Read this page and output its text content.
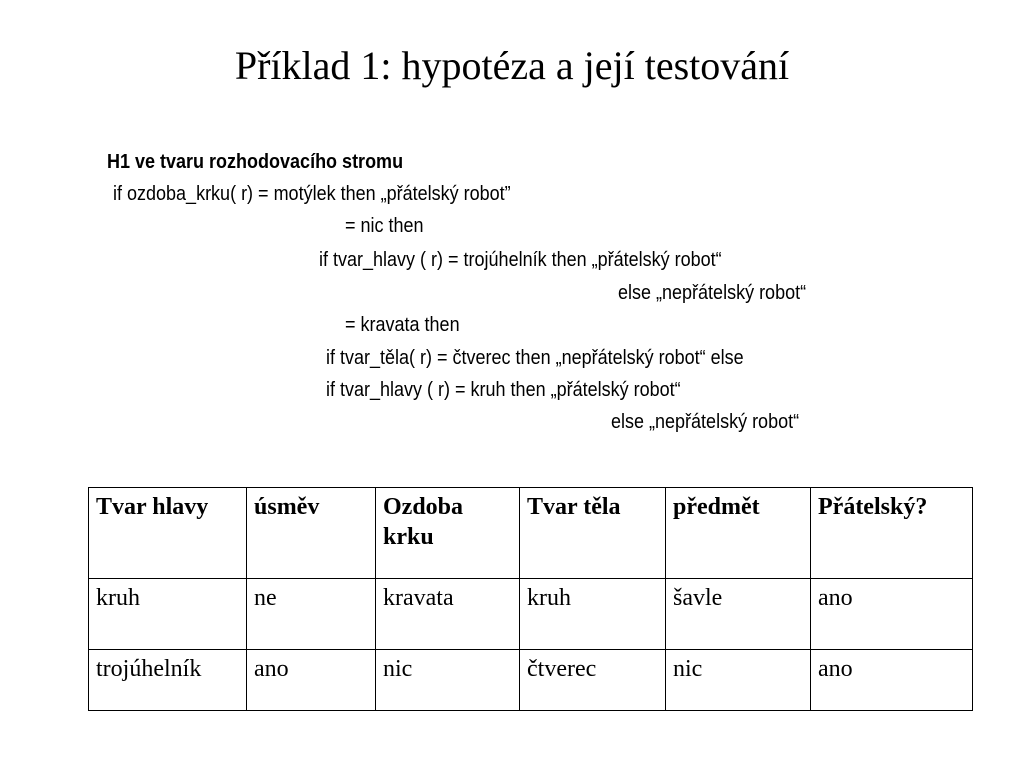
Příklad 1: hypotéza a její testování
H1 ve tvaru rozhodovacího stromu
if ozdoba_krku( r) = motýlek then „přátelský robot”
= nic then
if tvar_hlavy ( r) = trojúhelník then „přátelský robot“
else „nepřátelský robot“
= kravata then
if tvar_těla( r) = čtverec then „nepřátelský robot“ else
if tvar_hlavy ( r) = kruh then „přátelský robot“
else „nepřátelský robot“
Tvar hlavy	úsměv	Ozdoba krku	Tvar těla	předmět	Přátelský?
kruh	ne	kravata	kruh	šavle	ano
trojúhelník	ano	nic	čtverec	nic	ano
